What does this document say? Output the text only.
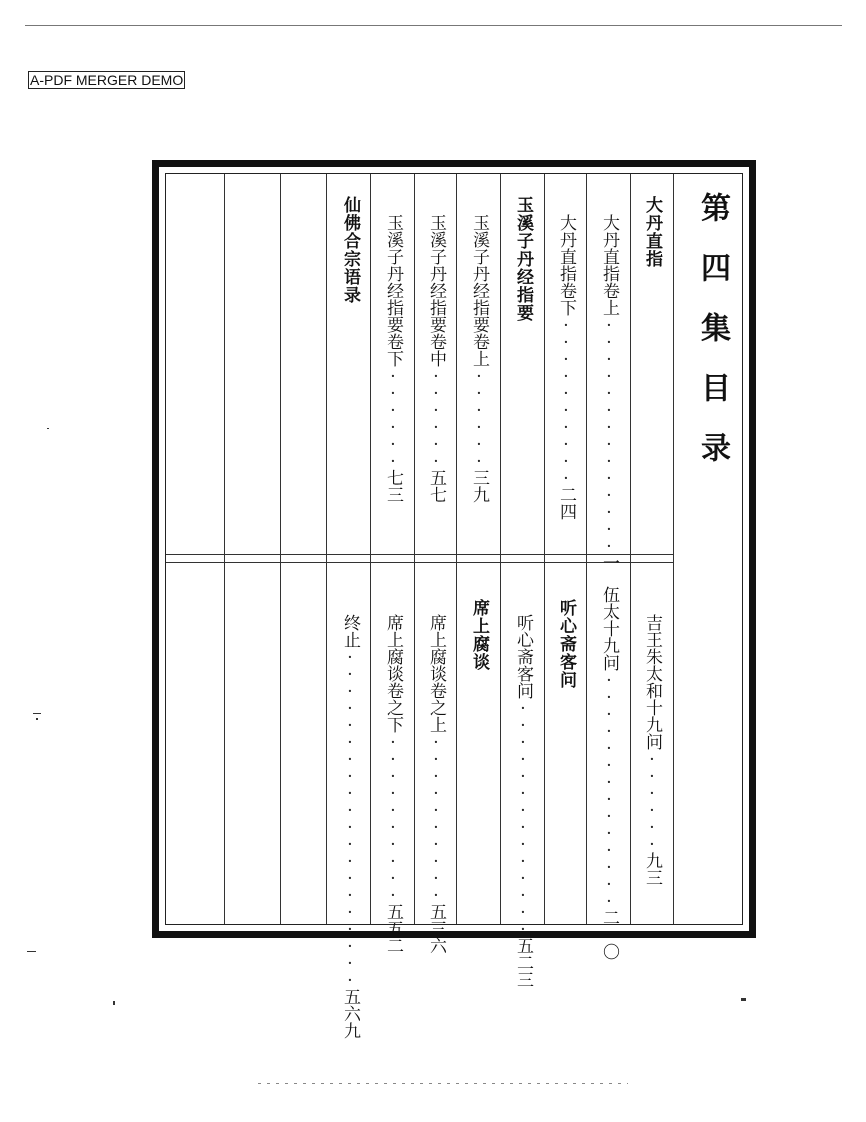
A-PDF MERGER DEMO
第四集目录
大丹直指
大丹直指卷上··············一
大丹直指卷下··········二四
玉溪子丹经指要
玉溪子丹经指要卷上······三九
玉溪子丹经指要卷中······五七
玉溪子丹经指要卷下······七三
仙佛合宗语录
吉王朱太和十九问······九三
伍太十九问··············二一〇
听心斋客问
听心斋客问··············五二三
席上腐谈
席上腐谈卷之上··········五三六
席上腐谈卷之下··········五五二
终止····················五六九
